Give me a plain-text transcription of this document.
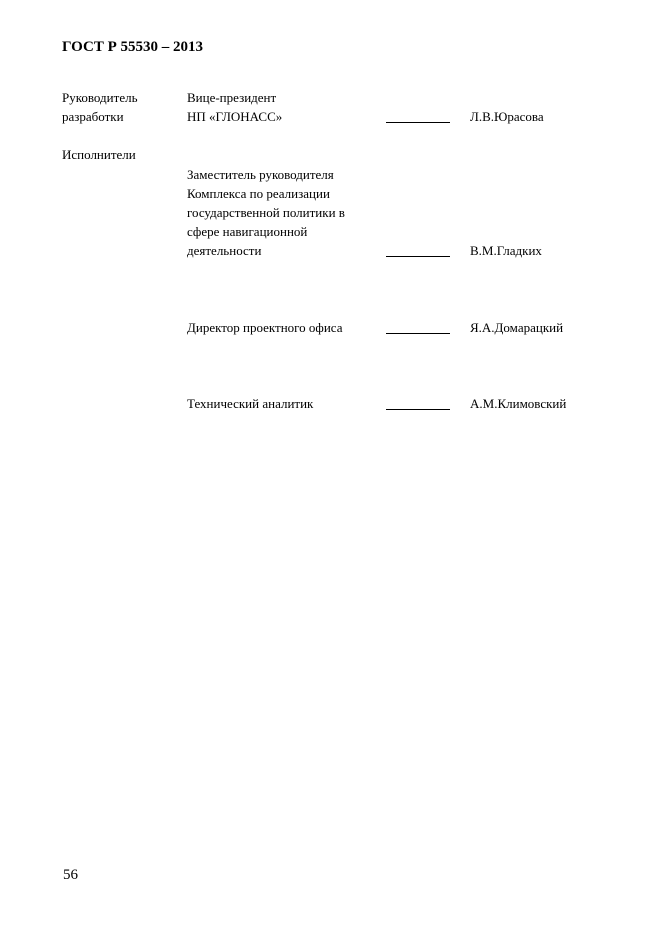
ГОСТ Р 55530 – 2013
Руководитель
разработки
Вице-президент
НП «ГЛОНАСС»	Л.В.Юрасова
Исполнители
Заместитель руководителя
Комплекса по реализации
государственной политики в
сфере навигационной
деятельности	В.М.Гладких
Директор проектного офиса	Я.А.Домарацкий
Технический аналитик	А.М.Климовский
56
